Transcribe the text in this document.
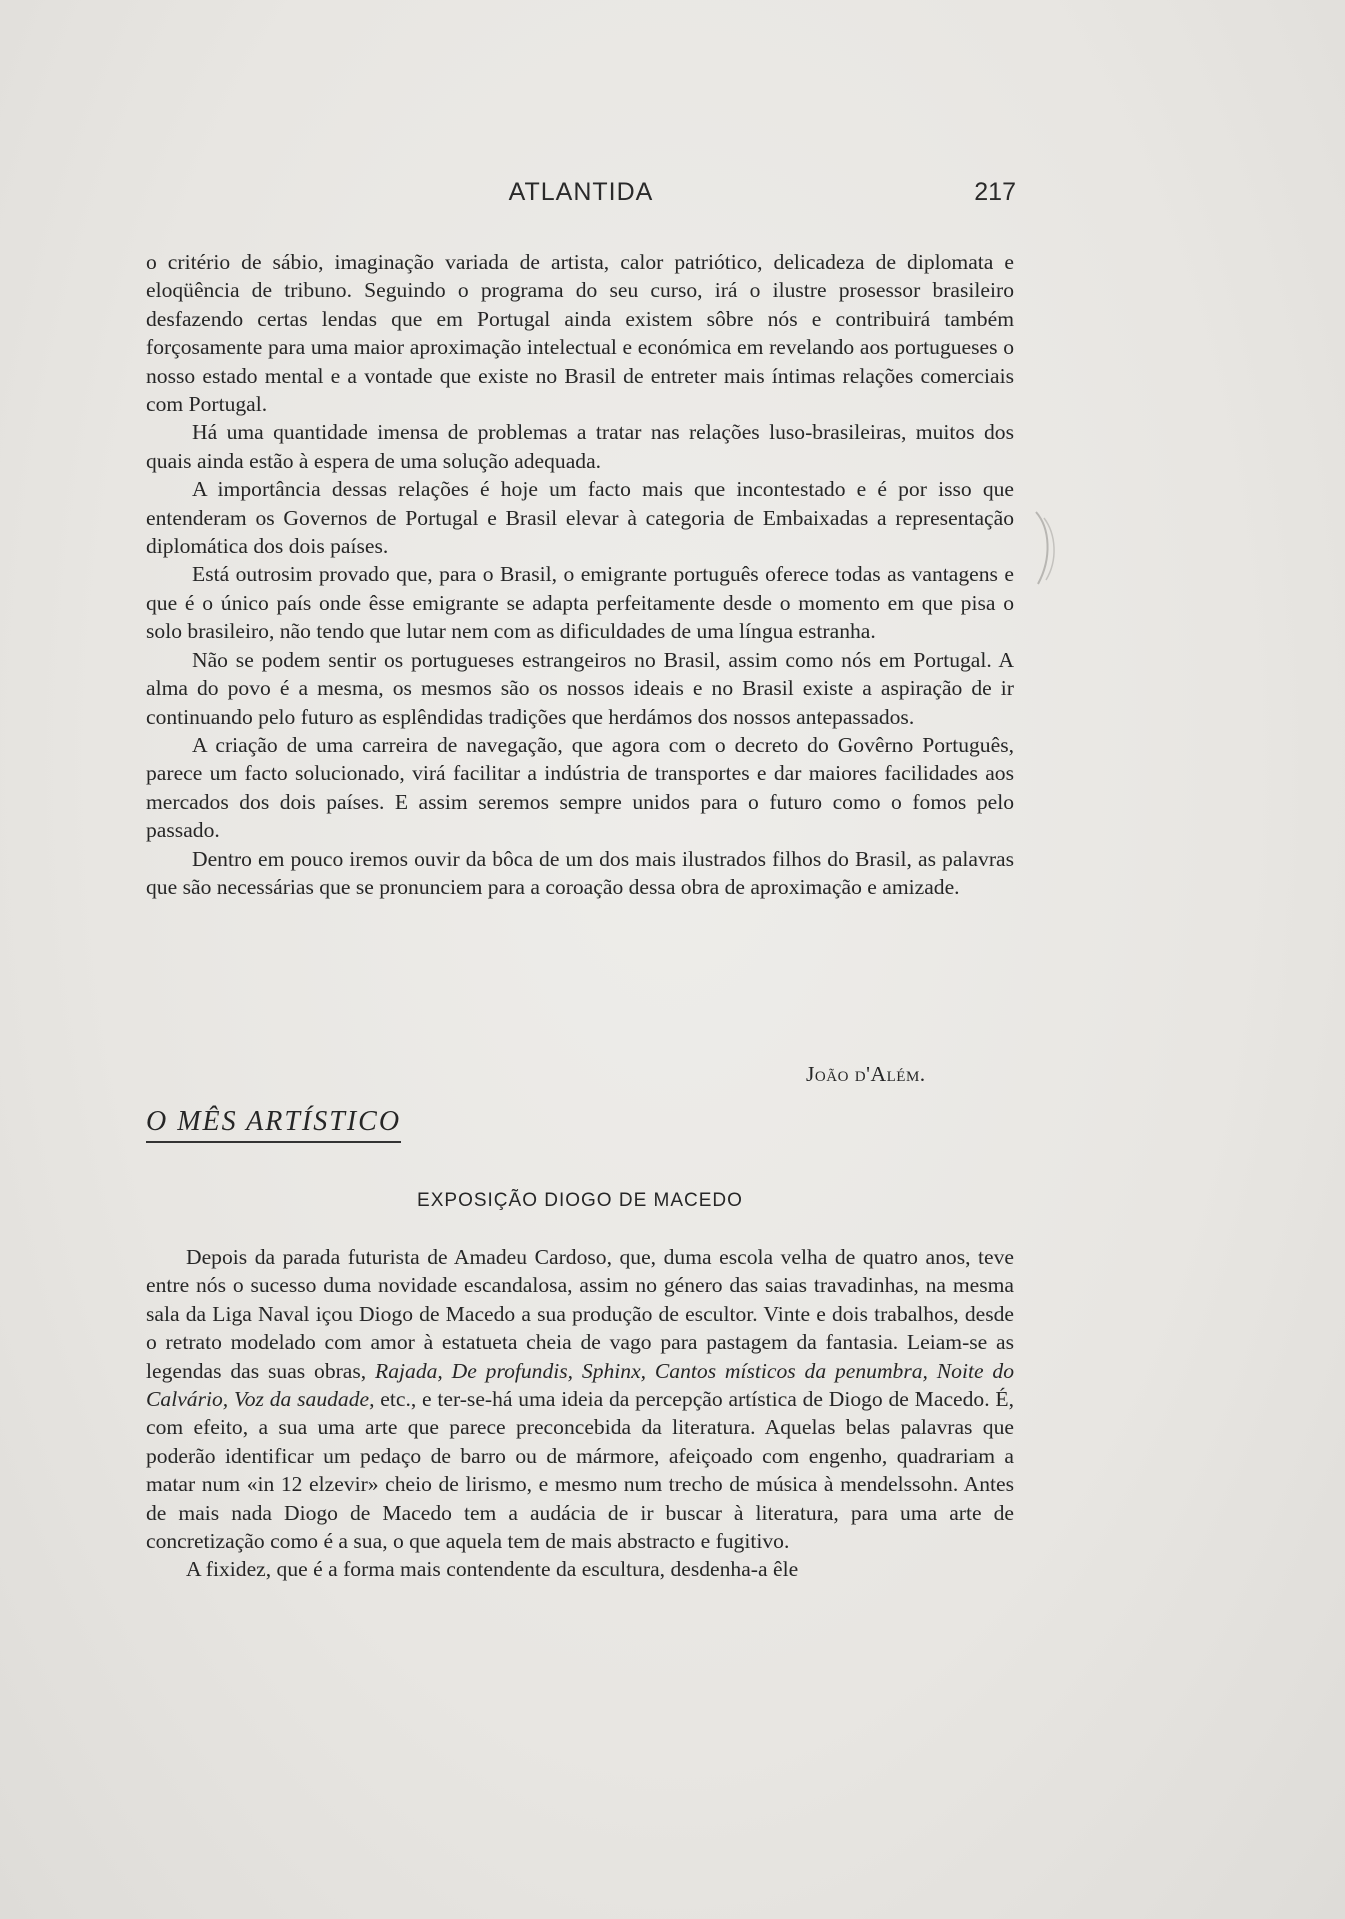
ATLANTIDA	217

o critério de sábio, imaginação variada de artista, calor patriótico, delicadeza de diplomata e eloqüência de tribuno. Seguindo o programa do seu curso, irá o ilustre prosessor brasileiro desfazendo certas lendas que em Portugal ainda existem sôbre nós e contribuirá também forçosamente para uma maior aproximação intelectual e económica em revelando aos portugueses o nosso estado mental e a vontade que existe no Brasil de entreter mais íntimas relações comerciais com Portugal.

Há uma quantidade imensa de problemas a tratar nas relações luso-brasileiras, muitos dos quais ainda estão à espera de uma solução adequada.

A importância dessas relações é hoje um facto mais que incontestado e é por isso que entenderam os Governos de Portugal e Brasil elevar à categoria de Embaixadas a representação diplomática dos dois países.

Está outrosim provado que, para o Brasil, o emigrante português oferece todas as vantagens e que é o único país onde êsse emigrante se adapta perfeitamente desde o momento em que pisa o solo brasileiro, não tendo que lutar nem com as dificuldades de uma língua estranha.

Não se podem sentir os portugueses estrangeiros no Brasil, assim como nós em Portugal. A alma do povo é a mesma, os mesmos são os nossos ideais e no Brasil existe a aspiração de ir continuando pelo futuro as esplêndidas tradições que herdámos dos nossos antepassados.

A criação de uma carreira de navegação, que agora com o decreto do Govêrno Português, parece um facto solucionado, virá facilitar a indústria de transportes e dar maiores facilidades aos mercados dos dois países. E assim seremos sempre unidos para o futuro como o fomos pelo passado.

Dentro em pouco iremos ouvir da bôca de um dos mais ilustrados filhos do Brasil, as palavras que são necessárias que se pronunciem para a coroação dessa obra de aproximação e amizade.

João d'Além.
O MÊS ARTÍSTICO
EXPOSIÇÃO DIOGO DE MACEDO

Depois da parada futurista de Amadeu Cardoso, que, duma escola velha de quatro anos, teve entre nós o sucesso duma novidade escandalosa, assim no género das saias travadinhas, na mesma sala da Liga Naval içou Diogo de Macedo a sua produção de escultor. Vinte e dois trabalhos, desde o retrato modelado com amor à estatueta cheia de vago para pastagem da fantasia. Leiam-se as legendas das suas obras, Rajada, De profundis, Sphinx, Cantos místicos da penumbra, Noite do Calvário, Voz da saudade, etc., e ter-se-há uma ideia da percepção artística de Diogo de Macedo. É, com efeito, a sua uma arte que parece preconcebida da literatura. Aquelas belas palavras que poderão identificar um pedaço de barro ou de mármore, afeiçoado com engenho, quadrariam a matar num «in 12 elzevir» cheio de lirismo, e mesmo num trecho de música à mendelssohn. Antes de mais nada Diogo de Macedo tem a audácia de ir buscar à literatura, para uma arte de concretização como é a sua, o que aquela tem de mais abstracto e fugitivo.

A fixidez, que é a forma mais contendente da escultura, desdenha-a êle
